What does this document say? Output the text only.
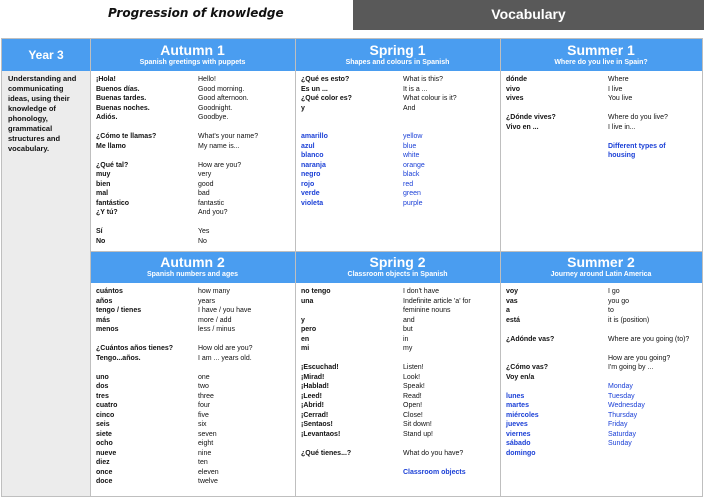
Progression of knowledge	Vocabulary
Year 3
Understanding and communicating ideas, using their knowledge of phonology, grammatical structures and vocabulary.
Autumn 1
Spanish greetings with puppets
¡Hola!
Buenos días.
Buenas tardes.
Buenas noches.
Adiós.
¿Cómo te llamas?
Me llamo
¿Qué tal?
muy
bien
mal
fantástico
¿Y tú?
Sí
No
Hello!
Good morning.
Good afternoon.
Goodnight.
Goodbye.
What's your name?
My name is...
How are you?
very
good
bad
fantastic
And you?
Yes
No
Spring 1
Shapes and colours in Spanish
¿Qué es esto?
Es un ...
¿Qué color es?
y
amarillo
azul
blanco
naranja
negro
rojo
verde
violeta
What is this?
It is a ...
What colour is it?
And
yellow
blue
white
orange
black
red
green
purple
Summer 1
Where do you live in Spain?
dónde
vivo
vives
¿Dónde vives?
Vivo en ...
Where
I live
You live
Where do you live?
I live in...
Different types of
housing
Autumn 2
Spanish numbers and ages
cuántos
años
tengo / tienes
más
menos
¿Cuántos años tienes?
Tengo...años.
uno
dos
tres
cuatro
cinco
seis
siete
ocho
nueve
diez
once
doce
how many
years
I have / you have
more / add
less / minus
How old are you?
I am ... years old.
one
two
three
four
five
six
seven
eight
nine
ten
eleven
twelve
Spring 2
Classroom objects in Spanish
no tengo
una
y
pero
en
mi
¡Escuchad!
¡Mirad!
¡Hablad!
¡Leed!
¡Abrid!
¡Cerrad!
¡Sentaos!
¡Levantaos!
¿Qué tienes...?
I don't have
Indefinite article 'a' for
feminine nouns
and
but
in
my
Listen!
Look!
Speak!
Read!
Open!
Close!
Sit down!
Stand up!
What do you have?
Classroom objects
Summer 2
Journey around Latin America
voy
vas
a
está
¿Adónde vas?
¿Cómo vas?
Voy en/a
lunes
martes
miércoles
jueves
viernes
sábado
domingo
I go
you go
to
it is (position)
Where are you going (to)?
How are you going?
I'm going by ...
Monday
Tuesday
Wednesday
Thursday
Friday
Saturday
Sunday
